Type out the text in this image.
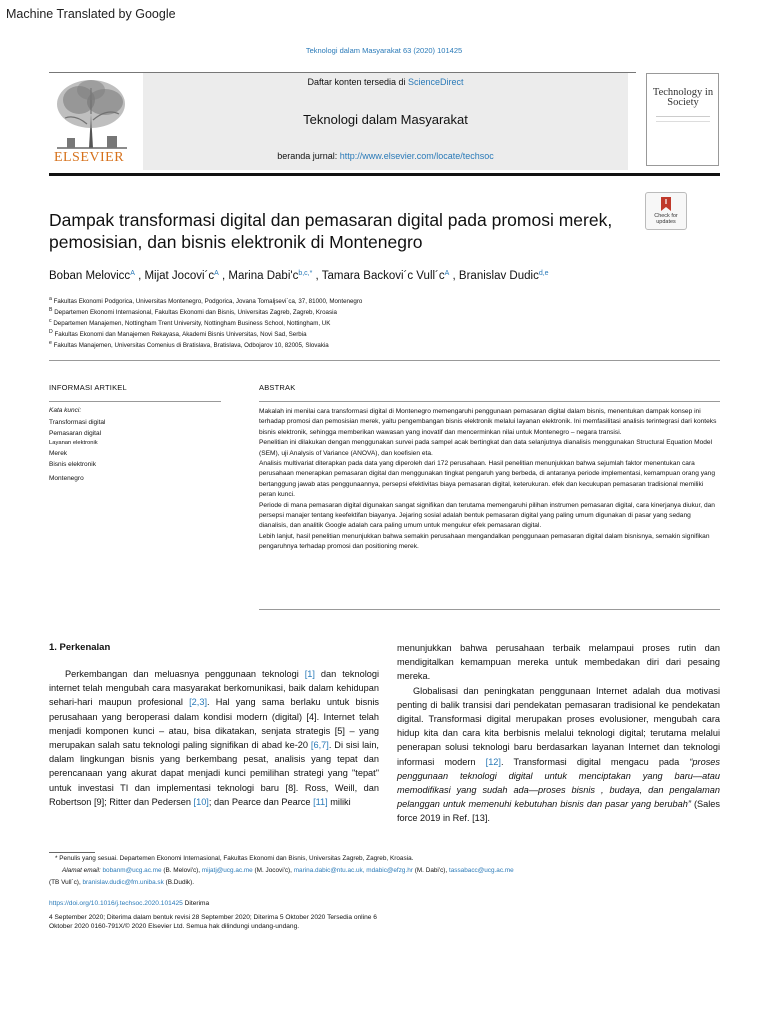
Machine Translated by Google
Teknologi dalam Masyarakat 63 (2020) 101425
ELSEVIER
Daftar konten tersedia di ScienceDirect
Teknologi dalam Masyarakat
beranda jurnal: http://www.elsevier.com/locate/techsoc
Technology in Society
Check for updates
Dampak transformasi digital dan pemasaran digital pada promosi merek, pemosisian, dan bisnis elektronik di Montenegro
Boban Melovicc$^A$ , Mijat $Jocovi´c^A$ , Marina $Dabi'c^{b,c,*}$ , Tamara Backovi´c $Vull´c^A$ , Branislav Dudic$^{d,e}$
$^a$ Fakultas Ekonomi Podgorica, Universitas Montenegro, Podgorica, Jovana Tomaljsevi´ca, 37, 81000, Montenegro
$^B$ Departemen Ekonomi Internasional, Fakultas Ekonomi dan Bisnis, Universitas Zagreb, Zagreb, Kroasia
$^c$ Departemen Manajemen, Nottingham Trent University, Nottingham Business School, Nottingham, UK
$^D$ Fakultas Ekonomi dan Manajemen Rekayasa, Akademi Bisnis Universitas, Novi Sad, Serbia
$^e$ Fakultas Manajemen, Universitas Comenius di Bratislava, Bratislava, Odbojarov 10, 82005, Slovakia
INFORMASI ARTIKEL	ABSTRAK
Kata kunci:
Transformasi digital
Pemasaran digital
Layanan elektronik
Merek
Bisnis elektronik
Montenegro

Makalah ini menilai cara transformasi digital di Montenegro memengaruhi penggunaan pemasaran digital dalam bisnis, menentukan dampak konsep ini terhadap promosi dan pemosisian merek, yaitu pengembangan bisnis elektronik melalui layanan elektronik. Ini memfasilitasi analisis terintegrasi dari konteks bisnis elektronik, sehingga memberikan wawasan yang inovatif dan mencerminkan nilai untuk Montenegro – negara transisi.

Penelitian ini dilakukan dengan menggunakan survei pada sampel acak bertingkat dan data selanjutnya dianalisis menggunakan Structural Equation Model (SEM), uji Analysis of Variance (ANOVA), dan koefisien eta.

Analisis multivariat diterapkan pada data yang diperoleh dari 172 perusahaan. Hasil penelitian menunjukkan bahwa sejumlah faktor menentukan cara perusahaan menerapkan pemasaran digital dan menggunakan tingkat pengaruh yang berbeda, di antaranya periode implementasi, kemampuan orang yang bertanggung jawab atas penggunaannya, persepsi efektivitas biaya pemasaran digital, keterukuran. efek dan kecukupan pemasaran tradisional memiliki peran kunci.

Periode di mana pemasaran digital digunakan sangat signifikan dan terutama memengaruhi pilihan instrumen pemasaran digital, cara kinerjanya diukur, dan persepsi manajer tentang keefektifan biayanya. Jejaring sosial adalah bentuk pemasaran digital yang paling umum digunakan di pasar yang sedang dianalisis, dan analitik Google adalah cara paling umum untuk mengukur efek pemasaran digital.

Lebih lanjut, hasil penelitian menunjukkan bahwa semakin perusahaan mengandalkan penggunaan pemasaran digital dalam bisnisnya, semakin signifikan pengaruhnya terhadap promosi dan positioning merek.

1. Perkenalan

Perkembangan dan meluasnya penggunaan teknologi [1] dan teknologi internet telah mengubah cara masyarakat berkomunikasi, baik dalam kehidupan sehari-hari maupun profesional [2,3]. Hal yang sama berlaku untuk bisnis perusahaan yang beroperasi dalam kondisi modern (digital) [4]. Internet telah menjadi komponen kunci – atau, bisa dikatakan, senjata strategis [5] – yang merupakan salah satu teknologi paling signifikan di abad ke-20 [6,7]. Di sisi lain, dalam lingkungan bisnis yang berkembang pesat, analisis yang tepat dan perencanaan yang akurat dapat menjadi kunci pemilihan strategi yang "tepat" untuk investasi TI dan implementasi teknologi baru [8]. Ross, Weill, dan Robertson [9]; Ritter dan Pedersen [10]; dan Pearce dan Pearce [11] miliki

menunjukkan bahwa perusahaan terbaik melampaui proses rutin dan mendigitalkan kemampuan mereka untuk membedakan diri dari pesaing mereka.

Globalisasi dan peningkatan penggunaan Internet adalah dua motivasi penting di balik transisi dari pendekatan pemasaran tradisional ke pendekatan digital. Transformasi digital merupakan proses evolusioner, mengubah cara hidup kita dan cara kita berbisnis melalui teknologi digital; terutama melalui penerapan solusi teknologi baru berdasarkan layanan Internet dan teknologi informasi modern [12]. Transformasi digital mengacu pada “proses penggunaan teknologi digital untuk menciptakan yang baru—atau memodifikasi yang sudah ada—proses bisnis , budaya, dan pengalaman pelanggan untuk memenuhi kebutuhan bisnis dan pasar yang berubah” (Sales force 2019 in Ref. [13].

* Penulis yang sesuai. Departemen Ekonomi Internasional, Fakultas Ekonomi dan Bisnis, Universitas Zagreb, Zagreb, Kroasia.
Alamat email: bobanm@ucg.ac.me (B. Melovi'c), mijatj@ucg.ac.me (M. Jocovi'c), marina.dabic@ntu.ac.uk, mdabic@efzg.hr (M. Dabi'c), tassabacc@ucg.ac.me
(TB Vull´c), branislav.dudic@fm.uniba.sk (B.Dudik).
https://doi.org/10.1016/j.techsoc.2020.101425 Diterima
4 September 2020; Diterima dalam bentuk revisi 28 September 2020; Diterima 5 Oktober 2020 Tersedia online 6
Oktober 2020 0160-791X/© 2020 Elsevier Ltd. Semua hak dilindungi undang-undang.
